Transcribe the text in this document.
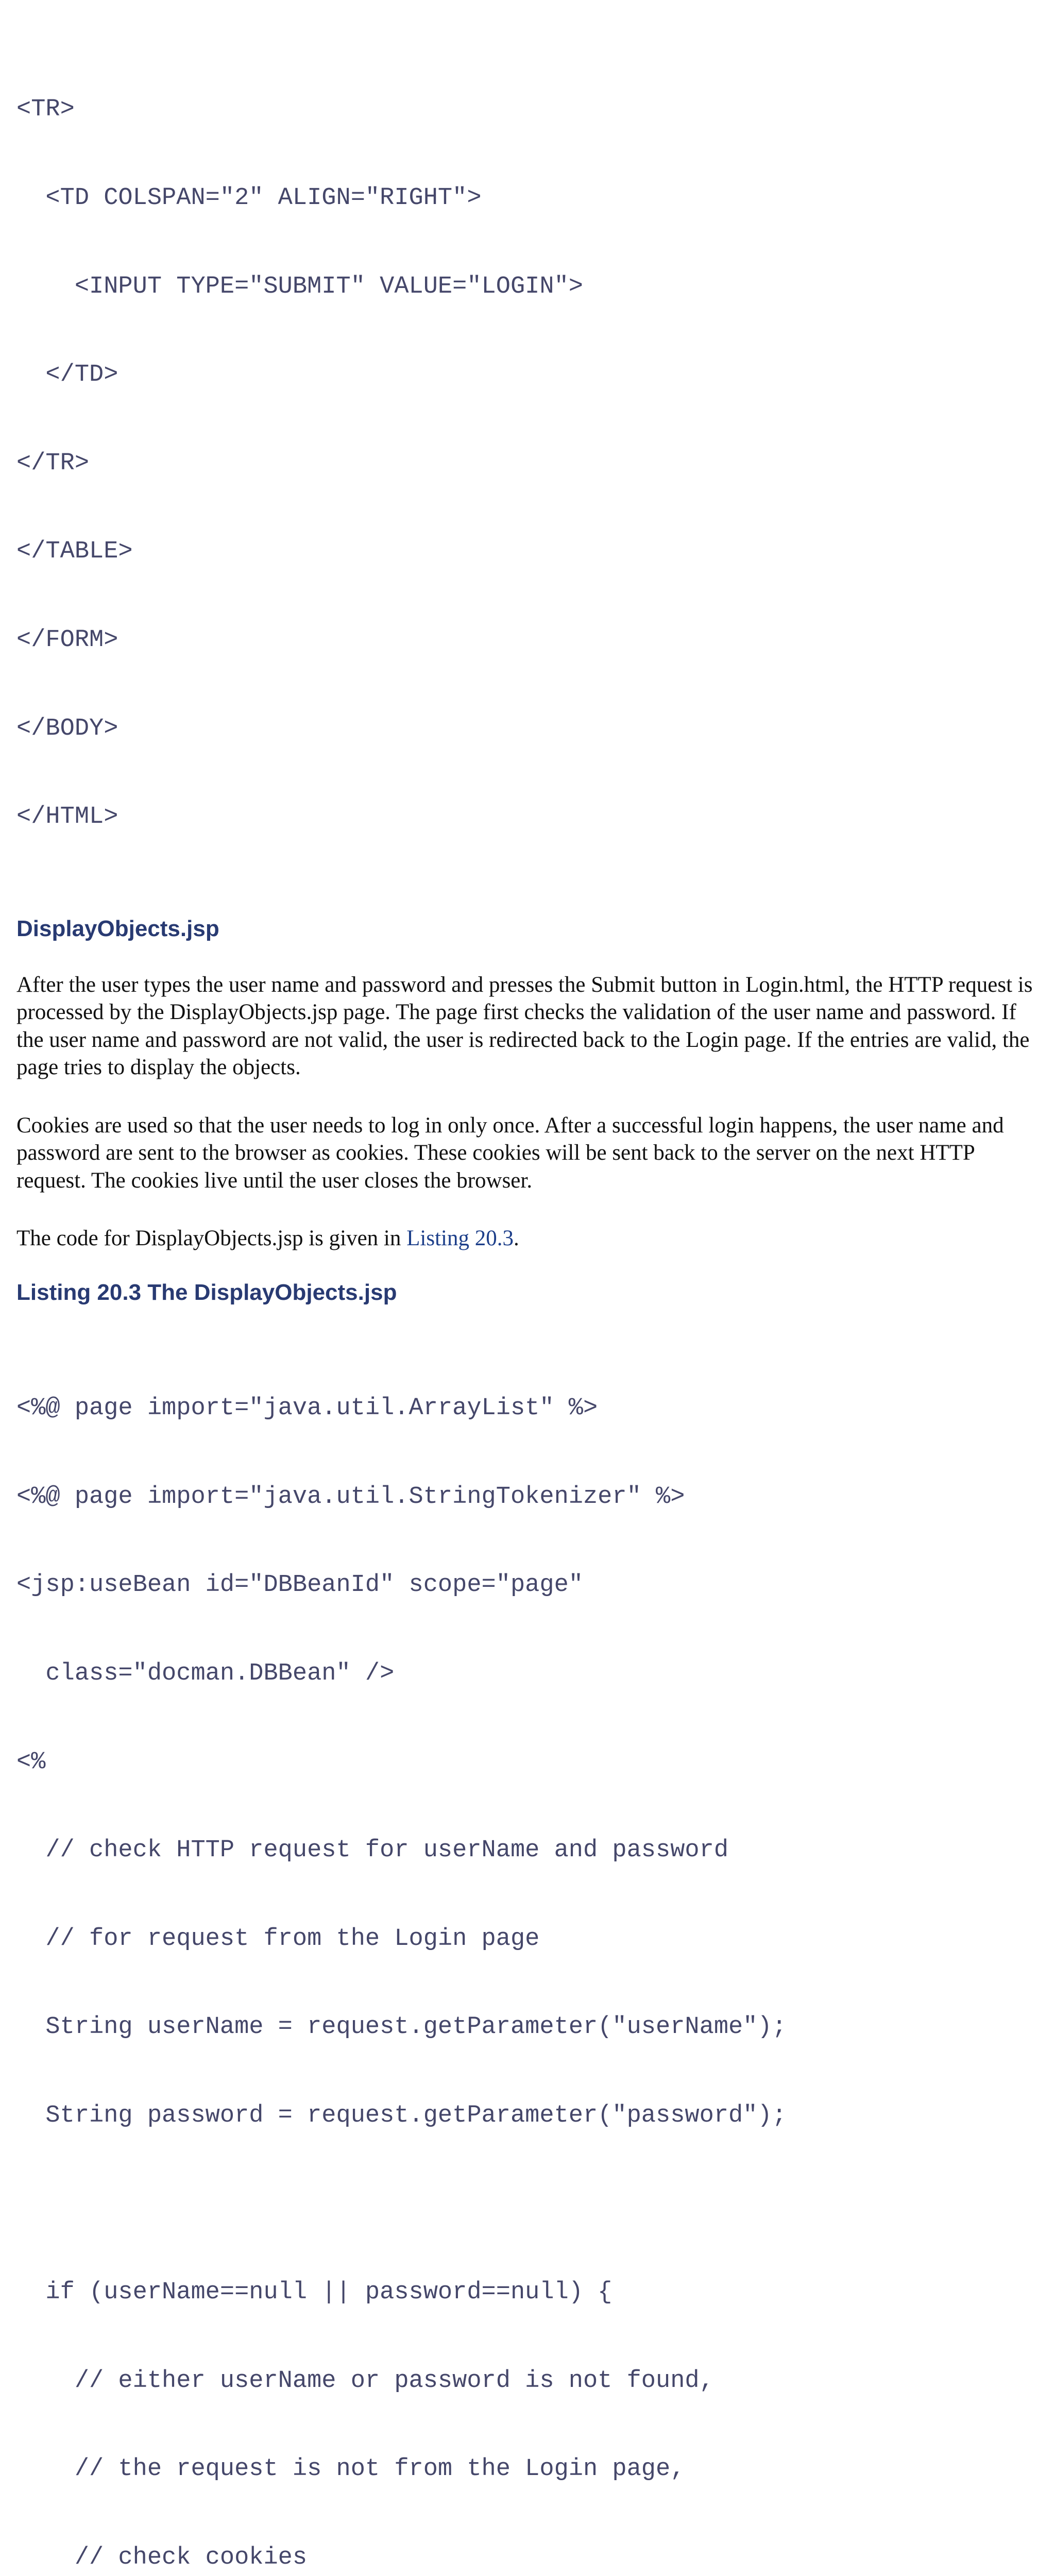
<TR>

<TD COLSPAN="2" ALIGN="RIGHT">

<INPUT TYPE="SUBMIT" VALUE="LOGIN">

</TD>

</TR>

</TABLE>

</FORM>

</BODY>

</HTML>

DisplayObjects.jsp

After the user types the user name and password and presses the Submit button in Login.html, the HTTP request is processed by the DisplayObjects.jsp page. The page first checks the validation of the user name and password. If the user name and password are not valid, the user is redirected back to the Login page. If the entries are valid, the page tries to display the objects.

Cookies are used so that the user needs to log in only once. After a successful login happens, the user name and password are sent to the browser as cookies. These cookies will be sent back to the server on the next HTTP request. The cookies live until the user closes the browser.

The code for DisplayObjects.jsp is given in Listing 20.3.

Listing 20.3 The DisplayObjects.jsp

<%@ page import="java.util.ArrayList" %>

<%@ page import="java.util.StringTokenizer" %>

<jsp:useBean id="DBBeanId" scope="page"

class="docman.DBBean" />

<%

// check HTTP request for userName and password

// for request from the Login page

String userName = request.getParameter("userName");

String password = request.getParameter("password");

if (userName==null || password==null) {

// either userName or password is not found,

// the request is not from the Login page,

// check cookies
